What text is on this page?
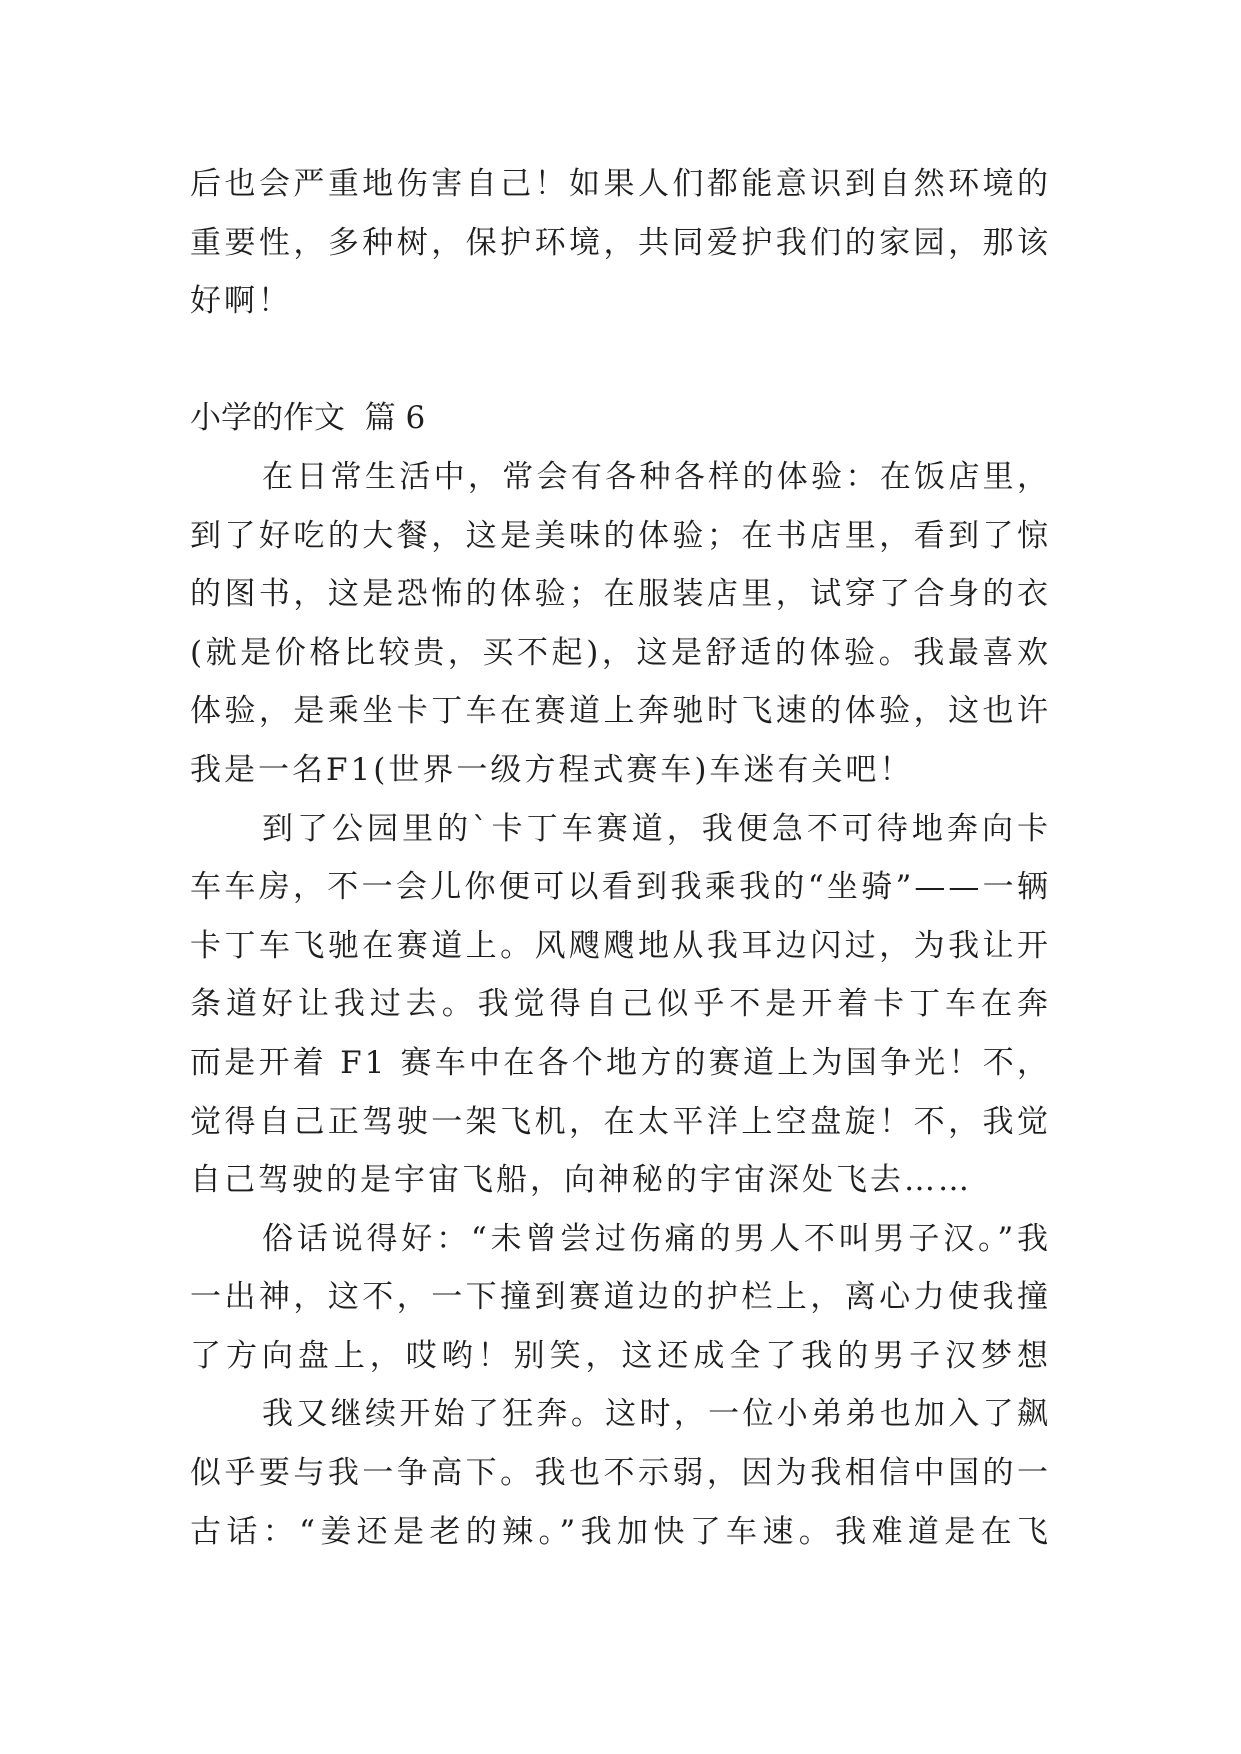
后也会严重地伤害自己！如果人们都能意识到自然环境的
重要性，多种树，保护环境，共同爱护我们的家园，那该
好啊！
小学的作文  篇 6
在日常生活中，常会有各种各样的体验：在饭店里，
到了好吃的大餐，这是美味的体验；在书店里，看到了惊
的图书，这是恐怖的体验；在服装店里，试穿了合身的衣
(就是价格比较贵，买不起)，这是舒适的体验。我最喜欢
体验，是乘坐卡丁车在赛道上奔驰时飞速的体验，这也许
我是一名F1(世界一级方程式赛车)车迷有关吧！
到了公园里的`卡丁车赛道，我便急不可待地奔向卡
车车房，不一会儿你便可以看到我乘我的“坐骑”——一辆
卡丁车飞驰在赛道上。风飕飕地从我耳边闪过，为我让开
条道好让我过去。我觉得自己似乎不是开着卡丁车在奔
而是开着 F1 赛车中在各个地方的赛道上为国争光！不，
觉得自己正驾驶一架飞机，在太平洋上空盘旋！不，我觉
自己驾驶的是宇宙飞船，向神秘的宇宙深处飞去……
俗话说得好：“未曾尝过伤痛的男人不叫男子汉。”我
一出神，这不，一下撞到赛道边的护栏上，离心力使我撞
了方向盘上，哎哟！别笑，这还成全了我的男子汉梦想
我又继续开始了狂奔。这时，一位小弟弟也加入了飙
似乎要与我一争高下。我也不示弱，因为我相信中国的一
古话：“姜还是老的辣。”我加快了车速。我难道是在飞
